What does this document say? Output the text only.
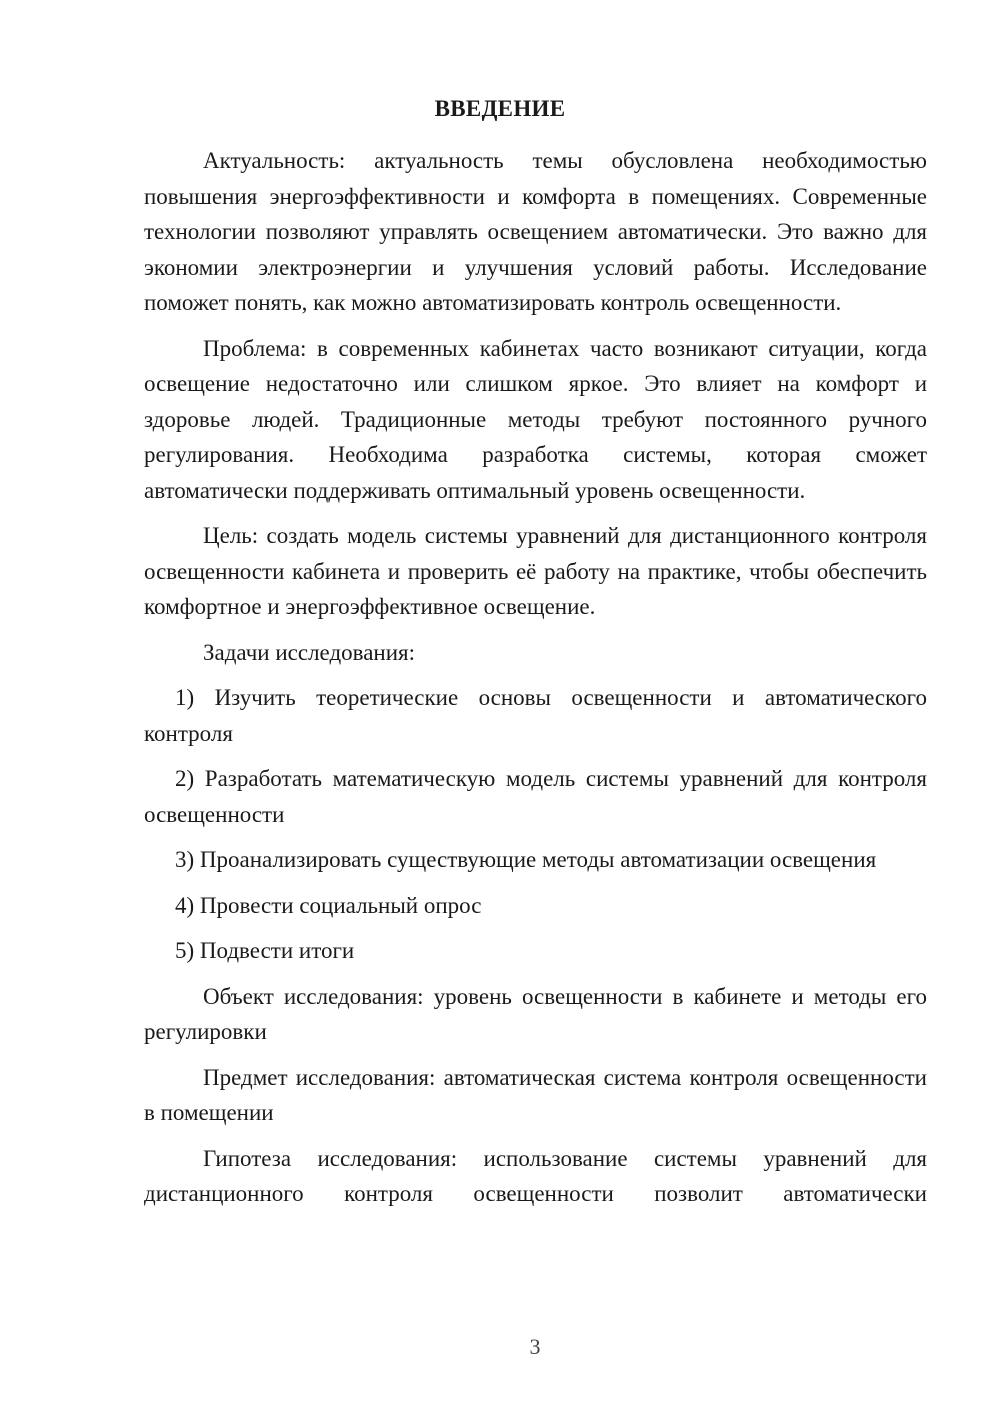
ВВЕДЕНИЕ

Актуальность: актуальность темы обусловлена необходимостью повышения энергоэффективности и комфорта в помещениях. Современные технологии позволяют управлять освещением автоматически. Это важно для экономии электроэнергии и улучшения условий работы. Исследование поможет понять, как можно автоматизировать контроль освещенности.

Проблема: в современных кабинетах часто возникают ситуации, когда освещение недостаточно или слишком яркое. Это влияет на комфорт и здоровье людей. Традиционные методы требуют постоянного ручного регулирования. Необходима разработка системы, которая сможет автоматически поддерживать оптимальный уровень освещенности.

Цель: создать модель системы уравнений для дистанционного контроля освещенности кабинета и проверить её работу на практике, чтобы обеспечить комфортное и энергоэффективное освещение.

Задачи исследования:

1) Изучить теоретические основы освещенности и автоматического контроля

2) Разработать математическую модель системы уравнений для контроля освещенности

3) Проанализировать существующие методы автоматизации освещения

4) Провести социальный опрос

5) Подвести итоги

Объект исследования: уровень освещенности в кабинете и методы его регулировки

Предмет исследования: автоматическая система контроля освещенности в помещении

Гипотеза исследования: использование системы уравнений для дистанционного контроля освещенности позволит автоматически

3
